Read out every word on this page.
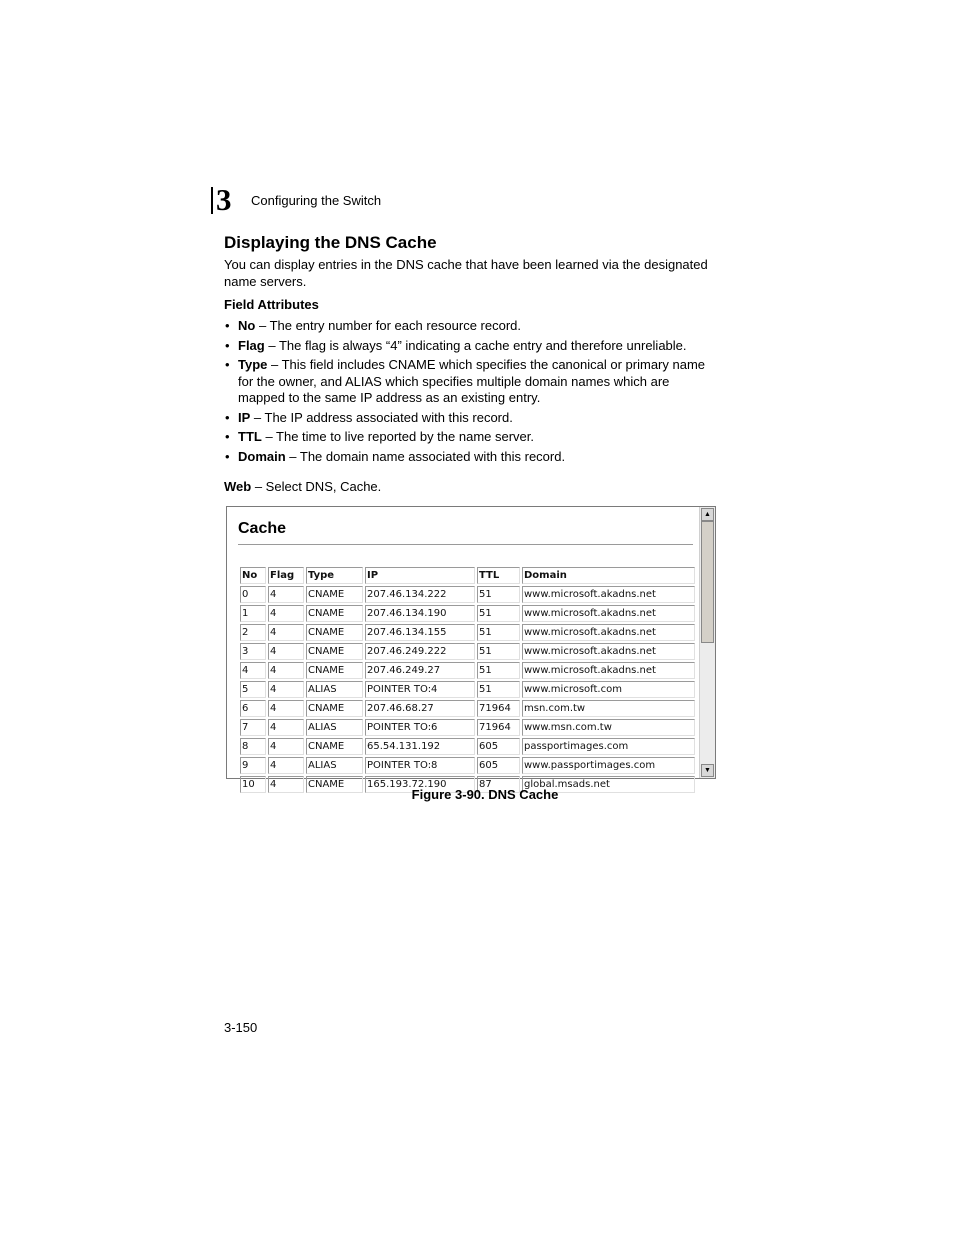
3 Configuring the Switch
Displaying the DNS Cache

You can display entries in the DNS cache that have been learned via the designated name servers.

Field Attributes
• No – The entry number for each resource record.
• Flag – The flag is always “4” indicating a cache entry and therefore unreliable.
• Type – This field includes CNAME which specifies the canonical or primary name for the owner, and ALIAS which specifies multiple domain names which are mapped to the same IP address as an existing entry.
• IP – The IP address associated with this record.
• TTL – The time to live reported by the name server.
• Domain – The domain name associated with this record.

Web – Select DNS, Cache.

Cache
No	Flag	Type	IP	TTL	Domain
0	4	CNAME	207.46.134.222	51	www.microsoft.akadns.net
1	4	CNAME	207.46.134.190	51	www.microsoft.akadns.net
2	4	CNAME	207.46.134.155	51	www.microsoft.akadns.net
3	4	CNAME	207.46.249.222	51	www.microsoft.akadns.net
4	4	CNAME	207.46.249.27	51	www.microsoft.akadns.net
5	4	ALIAS	POINTER TO:4	51	www.microsoft.com
6	4	CNAME	207.46.68.27	71964	msn.com.tw
7	4	ALIAS	POINTER TO:6	71964	www.msn.com.tw
8	4	CNAME	65.54.131.192	605	passportimages.com
9	4	ALIAS	POINTER TO:8	605	www.passportimages.com
10	4	CNAME	165.193.72.190	87	global.msads.net
▲
▼

Figure 3-90. DNS Cache

3-150
